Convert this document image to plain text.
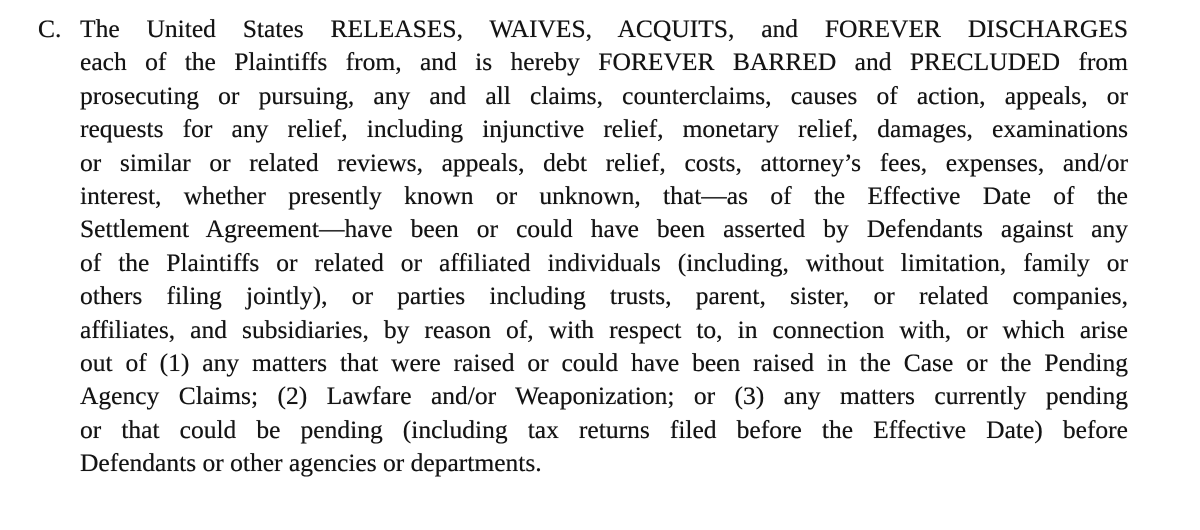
C. The United States RELEASES, WAIVES, ACQUITS, and FOREVER DISCHARGES
each of the Plaintiffs from, and is hereby FOREVER BARRED and PRECLUDED from
prosecuting or pursuing, any and all claims, counterclaims, causes of action, appeals, or
requests for any relief, including injunctive relief, monetary relief, damages, examinations
or similar or related reviews, appeals, debt relief, costs, attorney’s fees, expenses, and/or
interest, whether presently known or unknown, that—as of the Effective Date of the
Settlement Agreement—have been or could have been asserted by Defendants against any
of the Plaintiffs or related or affiliated individuals (including, without limitation, family or
others filing jointly), or parties including trusts, parent, sister, or related companies,
affiliates, and subsidiaries, by reason of, with respect to, in connection with, or which arise
out of (1) any matters that were raised or could have been raised in the Case or the Pending
Agency Claims; (2) Lawfare and/or Weaponization; or (3) any matters currently pending
or that could be pending (including tax returns filed before the Effective Date) before
Defendants or other agencies or departments.
